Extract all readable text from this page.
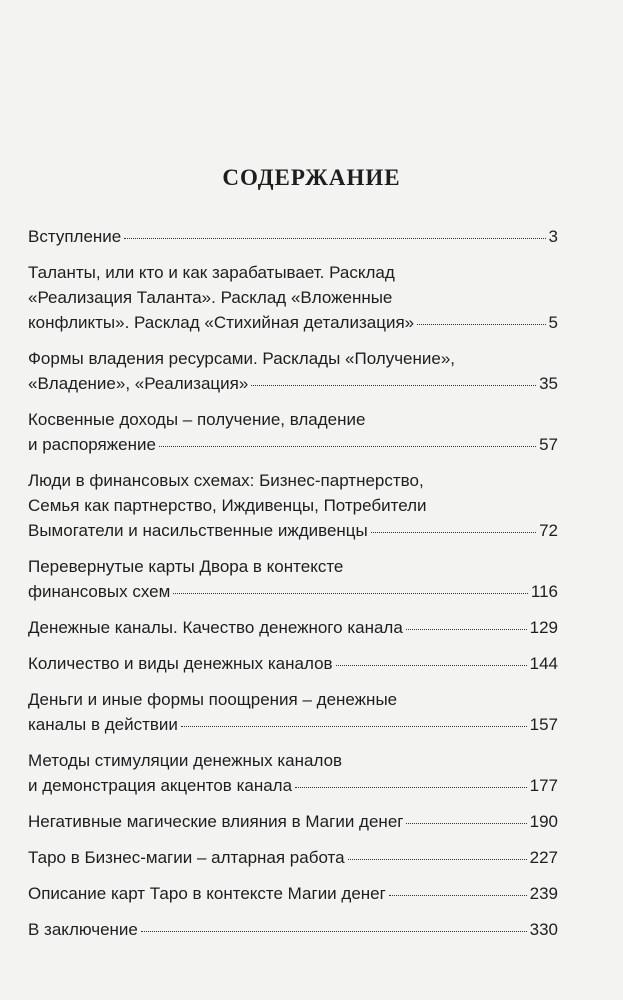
СОДЕРЖАНИЕ
Вступление	3
Таланты, или кто и как зарабатывает. Расклад
«Реализация Таланта». Расклад «Вложенные
конфликты». Расклад «Стихийная детализация»	5
Формы владения ресурсами. Расклады «Получение»,
«Владение», «Реализация»	35
Косвенные доходы – получение, владение
и распоряжение	57
Люди в финансовых схемах: Бизнес-партнерство,
Семья как партнерство, Иждивенцы, Потребители
Вымогатели и насильственные иждивенцы	72
Перевернутые карты Двора в контексте
финансовых схем	116
Денежные каналы. Качество денежного канала	129
Количество и виды денежных каналов	144
Деньги и иные формы поощрения – денежные
каналы в действии	157
Методы стимуляции денежных каналов
и демонстрация акцентов канала	177
Негативные магические влияния в Магии денег	190
Таро в Бизнес-магии – алтарная работа	227
Описание карт Таро в контексте Магии денег	239
В заключение	330
